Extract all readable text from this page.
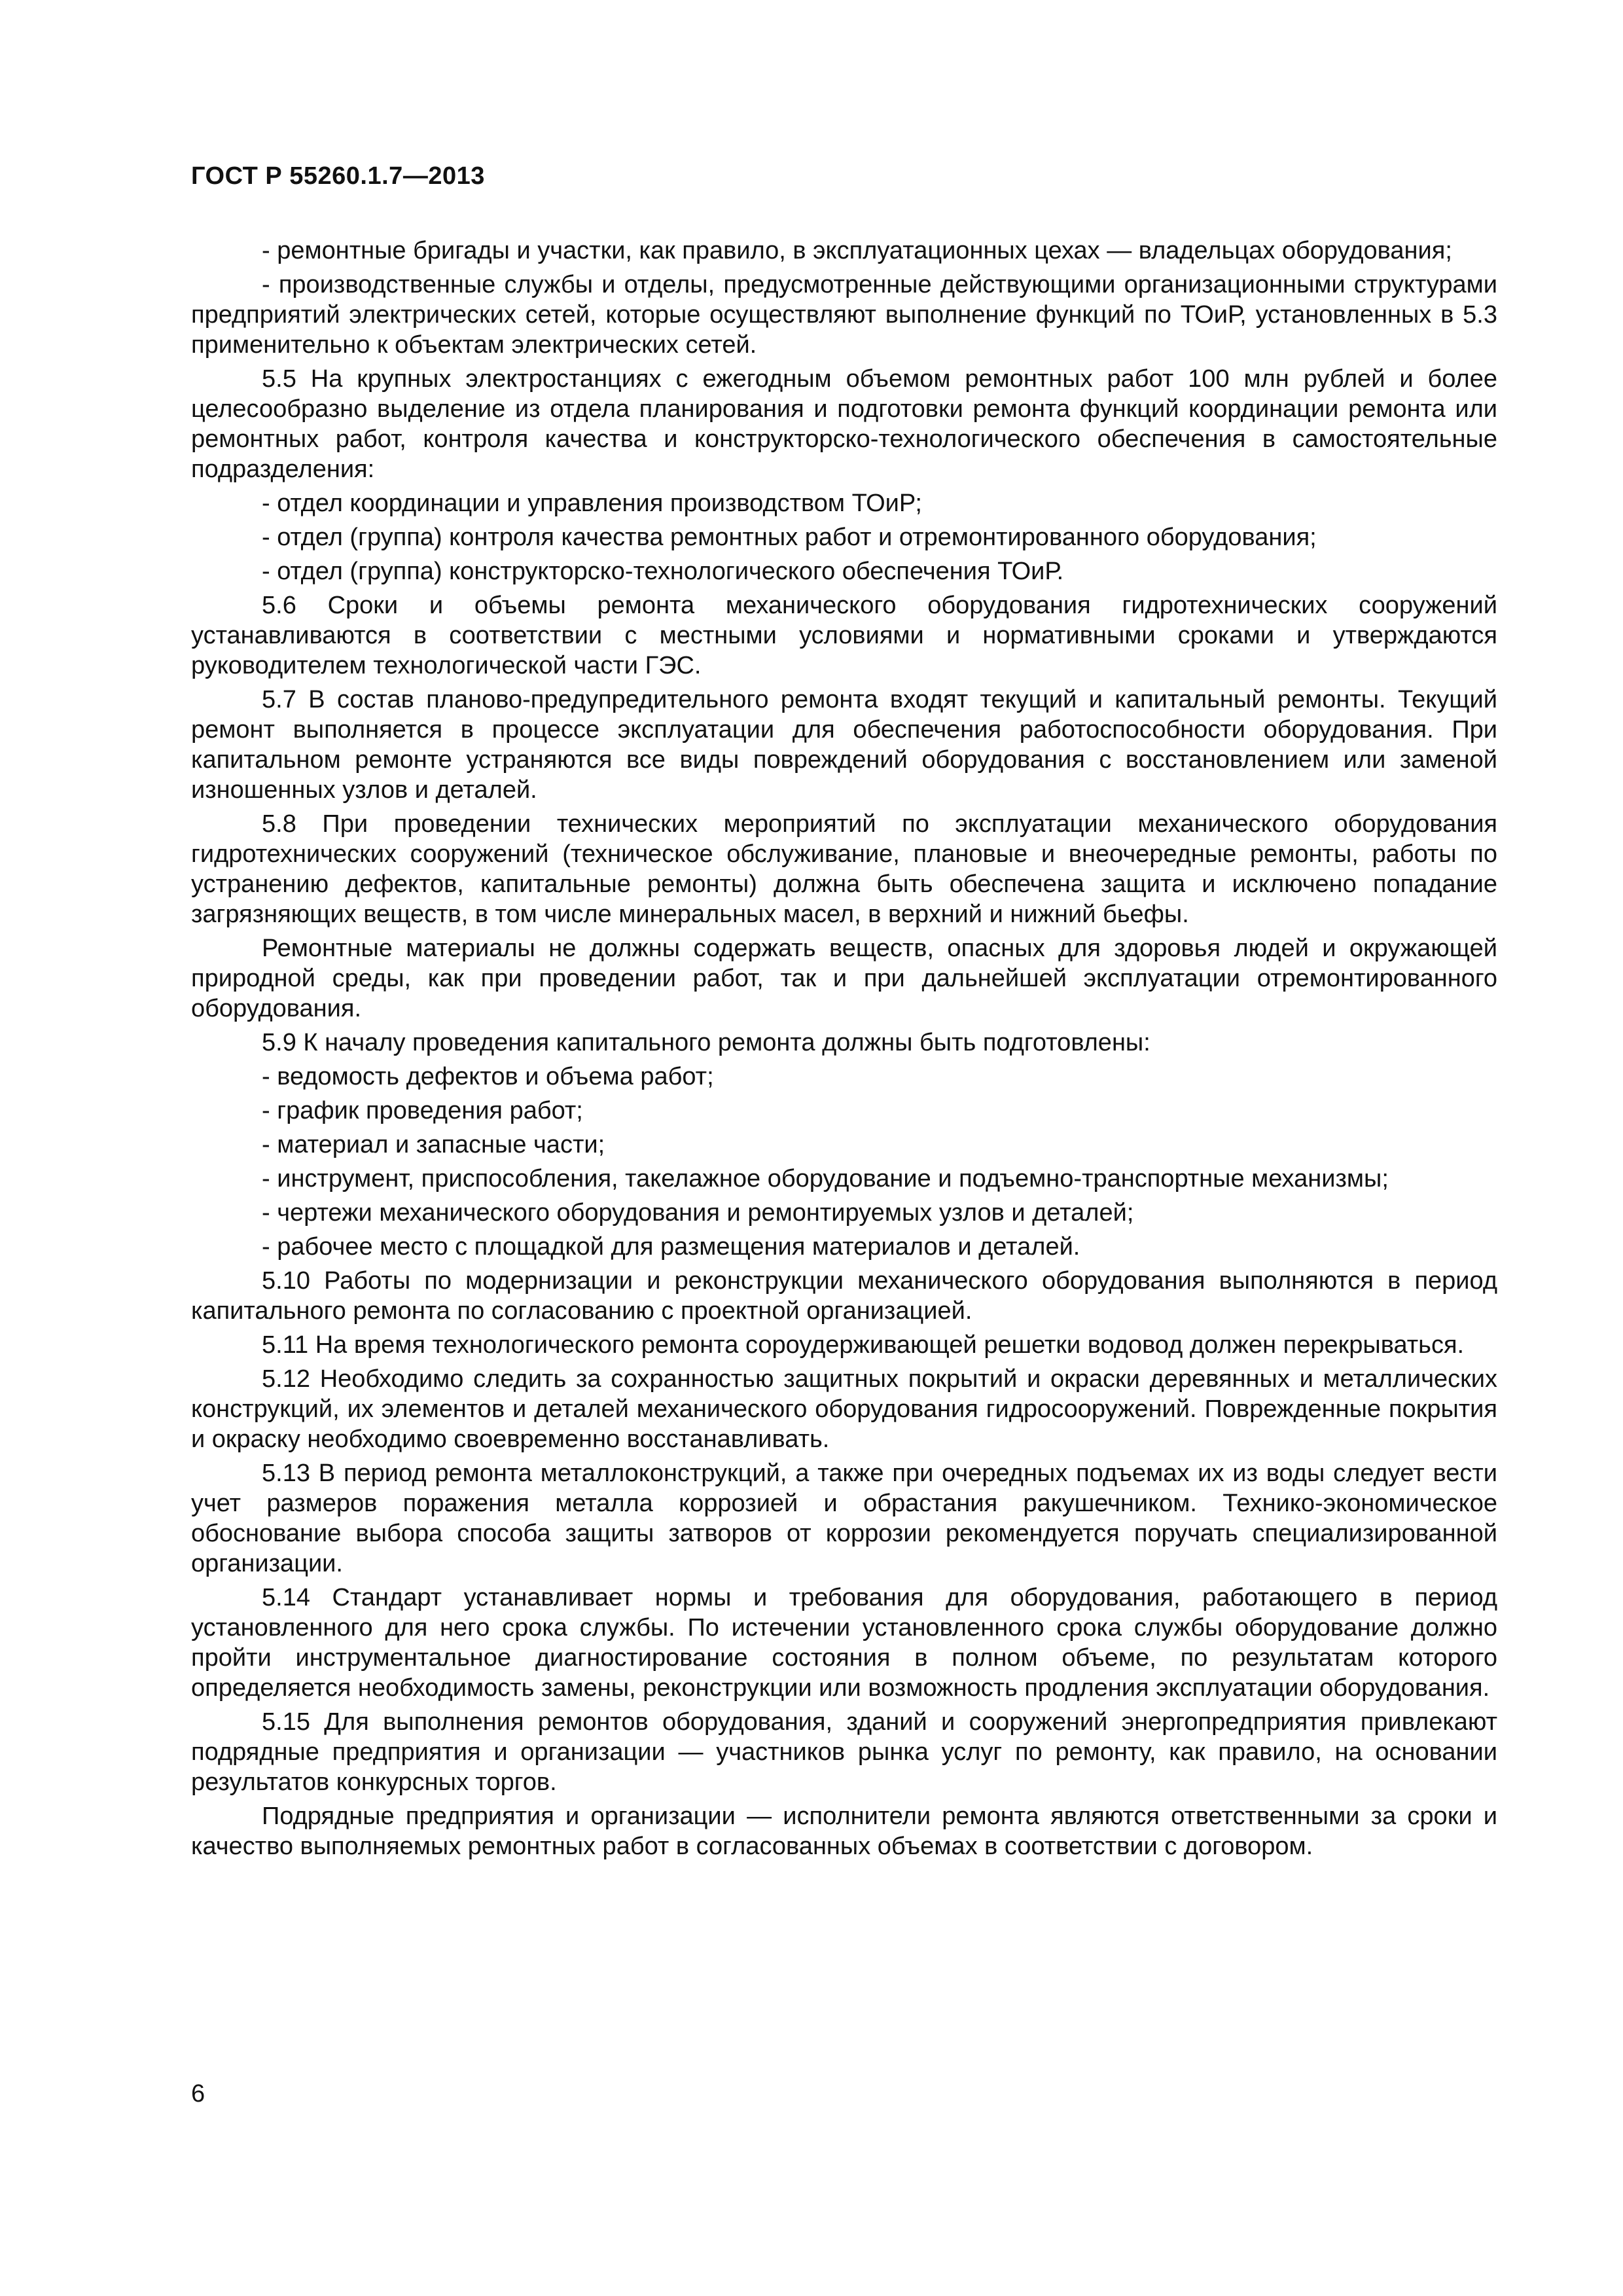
ГОСТ Р 55260.1.7—2013

- ремонтные бригады и участки, как правило, в эксплуатационных цехах — владельцах оборудования;

- производственные службы и отделы, предусмотренные действующими организационными структурами предприятий электрических сетей, которые осуществляют выполнение функций по ТОиР, установленных в 5.3 применительно к объектам электрических сетей.

5.5 На крупных электростанциях с ежегодным объемом ремонтных работ 100 млн рублей и более целесообразно выделение из отдела планирования и подготовки ремонта функций координации ремонта или ремонтных работ, контроля качества и конструкторско-технологического обеспечения в самостоятельные подразделения:

- отдел координации и управления производством ТОиР;

- отдел (группа) контроля качества ремонтных работ и отремонтированного оборудования;

- отдел (группа) конструкторско-технологического обеспечения ТОиР.

5.6 Сроки и объемы ремонта механического оборудования гидротехнических сооружений устанавливаются в соответствии с местными условиями и нормативными сроками и утверждаются руководителем технологической части ГЭС.

5.7 В состав планово-предупредительного ремонта входят текущий и капитальный ремонты. Текущий ремонт выполняется в процессе эксплуатации для обеспечения работоспособности оборудования. При капитальном ремонте устраняются все виды повреждений оборудования с восстановлением или заменой изношенных узлов и деталей.

5.8 При проведении технических мероприятий по эксплуатации механического оборудования гидротехнических сооружений (техническое обслуживание, плановые и внеочередные ремонты, работы по устранению дефектов, капитальные ремонты) должна быть обеспечена защита и исключено попадание загрязняющих веществ, в том числе минеральных масел, в верхний и нижний бьефы.

Ремонтные материалы не должны содержать веществ, опасных для здоровья людей и окружающей природной среды, как при проведении работ, так и при дальнейшей эксплуатации отремонтированного оборудования.

5.9 К началу проведения капитального ремонта должны быть подготовлены:

- ведомость дефектов и объема работ;

- график проведения работ;

- материал и запасные части;

- инструмент, приспособления, такелажное оборудование и подъемно-транспортные механизмы;

- чертежи механического оборудования и ремонтируемых узлов и деталей;

- рабочее место с площадкой для размещения материалов и деталей.

5.10 Работы по модернизации и реконструкции механического оборудования выполняются в период капитального ремонта по согласованию с проектной организацией.

5.11 На время технологического ремонта сороудерживающей решетки водовод должен перекрываться.

5.12 Необходимо следить за сохранностью защитных покрытий и окраски деревянных и металлических конструкций, их элементов и деталей механического оборудования гидросооружений. Поврежденные покрытия и окраску необходимо своевременно восстанавливать.

5.13 В период ремонта металлоконструкций, а также при очередных подъемах их из воды следует вести учет размеров поражения металла коррозией и обрастания ракушечником. Технико-экономическое обоснование выбора способа защиты затворов от коррозии рекомендуется поручать специализированной организации.

5.14 Стандарт устанавливает нормы и требования для оборудования, работающего в период установленного для него срока службы. По истечении установленного срока службы оборудование должно пройти инструментальное диагностирование состояния в полном объеме, по результатам которого определяется необходимость замены, реконструкции или возможность продления эксплуатации оборудования.

5.15 Для выполнения ремонтов оборудования, зданий и сооружений энергопредприятия привлекают подрядные предприятия и организации — участников рынка услуг по ремонту, как правило, на основании результатов конкурсных торгов.

Подрядные предприятия и организации — исполнители ремонта являются ответственными за сроки и качество выполняемых ремонтных работ в согласованных объемах в соответствии с договором.

6
